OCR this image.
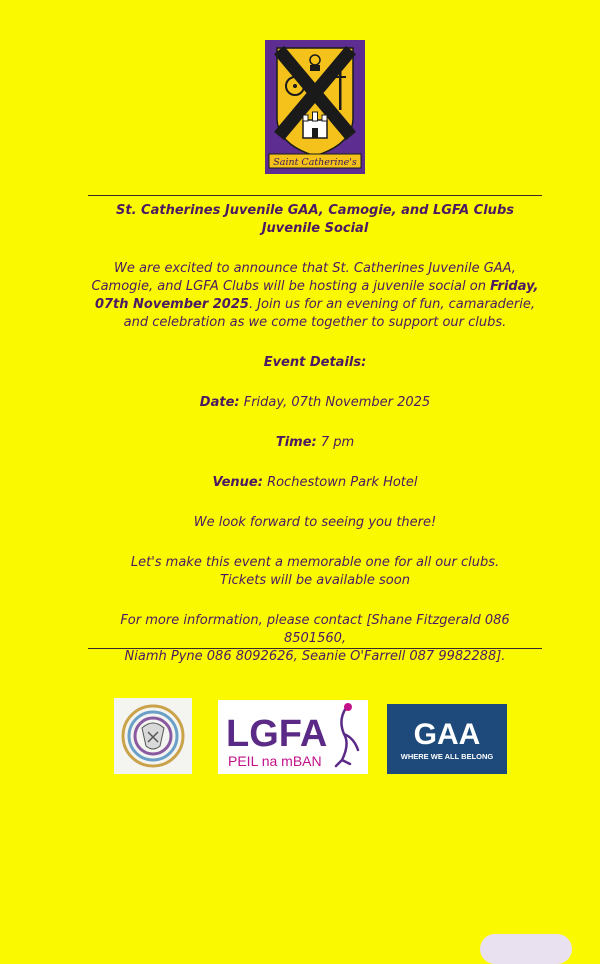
Saint Catherine's

St. Catherines Juvenile GAA, Camogie, and LGFA Clubs Juvenile Social

We are excited to announce that St. Catherines Juvenile GAA, Camogie, and LGFA Clubs will be hosting a juvenile social on Friday, 07th November 2025. Join us for an evening of fun, camaraderie, and celebration as we come together to support our clubs.

Event Details:

Date: Friday, 07th November 2025

Time: 7 pm

Venue: Rochestown Park Hotel

We look forward to seeing you there!

Let's make this event a memorable one for all our clubs.

Tickets will be available soon

For more information, please contact [Shane Fitzgerald 086 8501560,

Niamh Pyne 086 8092626, Seanie O'Farrell 087 9982288].

LGFA
PEIL na mBAN
GAA
WHERE WE ALL BELONG
